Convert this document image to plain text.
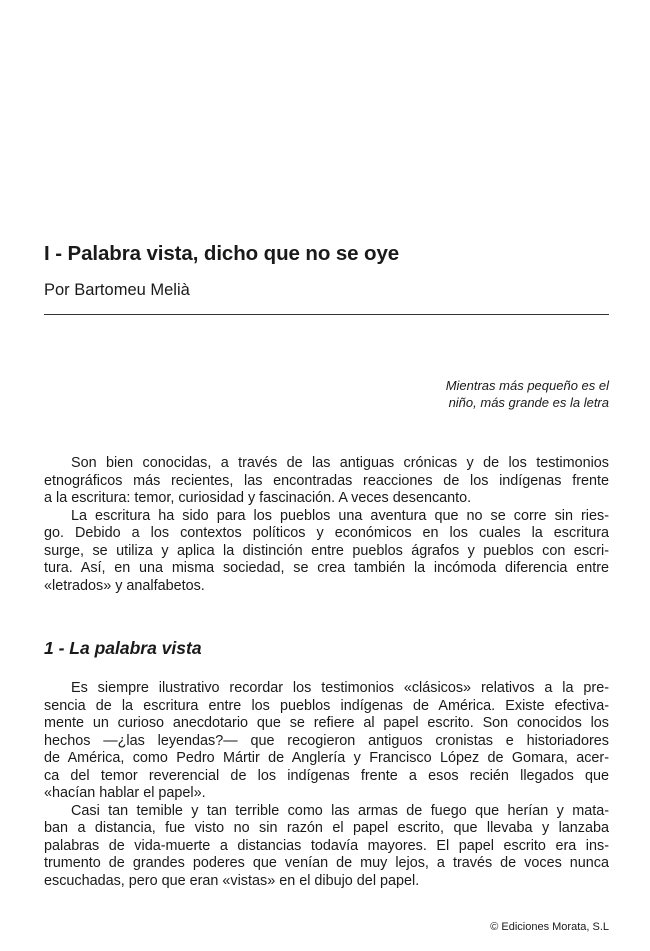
I - Palabra vista, dicho que no se oye

Por Bartomeu Melià

Mientras más pequeño es el
niño, más grande es la letra
Son bien conocidas, a través de las antiguas crónicas y de los testimonios
etnográficos más recientes, las encontradas reacciones de los indígenas frente
a la escritura: temor, curiosidad y fascinación. A veces desencanto.
La escritura ha sido para los pueblos una aventura que no se corre sin ries-
go. Debido a los contextos políticos y económicos en los cuales la escritura
surge, se utiliza y aplica la distinción entre pueblos ágrafos y pueblos con escri-
tura. Así, en una misma sociedad, se crea también la incómoda diferencia entre
«letrados» y analfabetos.
1 - La palabra vista
Es siempre ilustrativo recordar los testimonios «clásicos» relativos a la pre-
sencia de la escritura entre los pueblos indígenas de América. Existe efectiva-
mente un curioso anecdotario que se refiere al papel escrito. Son conocidos los
hechos —¿las leyendas?— que recogieron antiguos cronistas e historiadores
de América, como Pedro Mártir de Anglería y Francisco López de Gomara, acer-
ca del temor reverencial de los indígenas frente a esos recién llegados que
«hacían hablar el papel».
Casi tan temible y tan terrible como las armas de fuego que herían y mata-
ban a distancia, fue visto no sin razón el papel escrito, que llevaba y lanzaba
palabras de vida-muerte a distancias todavía mayores. El papel escrito era ins-
trumento de grandes poderes que venían de muy lejos, a través de voces nunca
escuchadas, pero que eran «vistas» en el dibujo del papel.
© Ediciones Morata, S.L
